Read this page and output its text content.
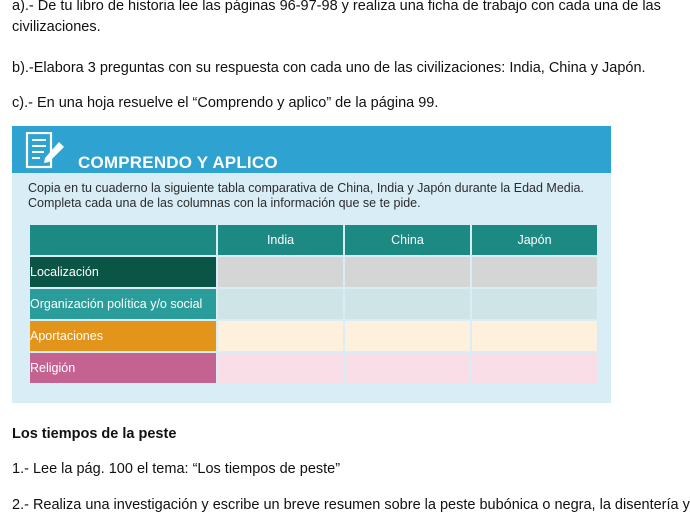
a).- De tu libro de historia lee las páginas 96-97-98 y realiza una ficha de trabajo con cada una de las civilizaciones.
b).-Elabora 3 preguntas con su respuesta con cada uno de las civilizaciones: India, China y Japón.
c).- En una hoja resuelve el “Comprendo y aplico” de la página 99.
COMPRENDO Y APLICO
Copia en tu cuaderno la siguiente tabla comparativa de China, India y Japón durante la Edad Media.
Completa cada una de las columnas con la información que se te pide.
	India	China	Japón
Localización			
Organización política y/o social			
Aportaciones			
Religión			
Los tiempos de la peste
1.- Lee la pág. 100 el tema: “Los tiempos de peste”
2.- Realiza una investigación y escribe un breve resumen sobre la peste bubónica o negra, la disentería y
